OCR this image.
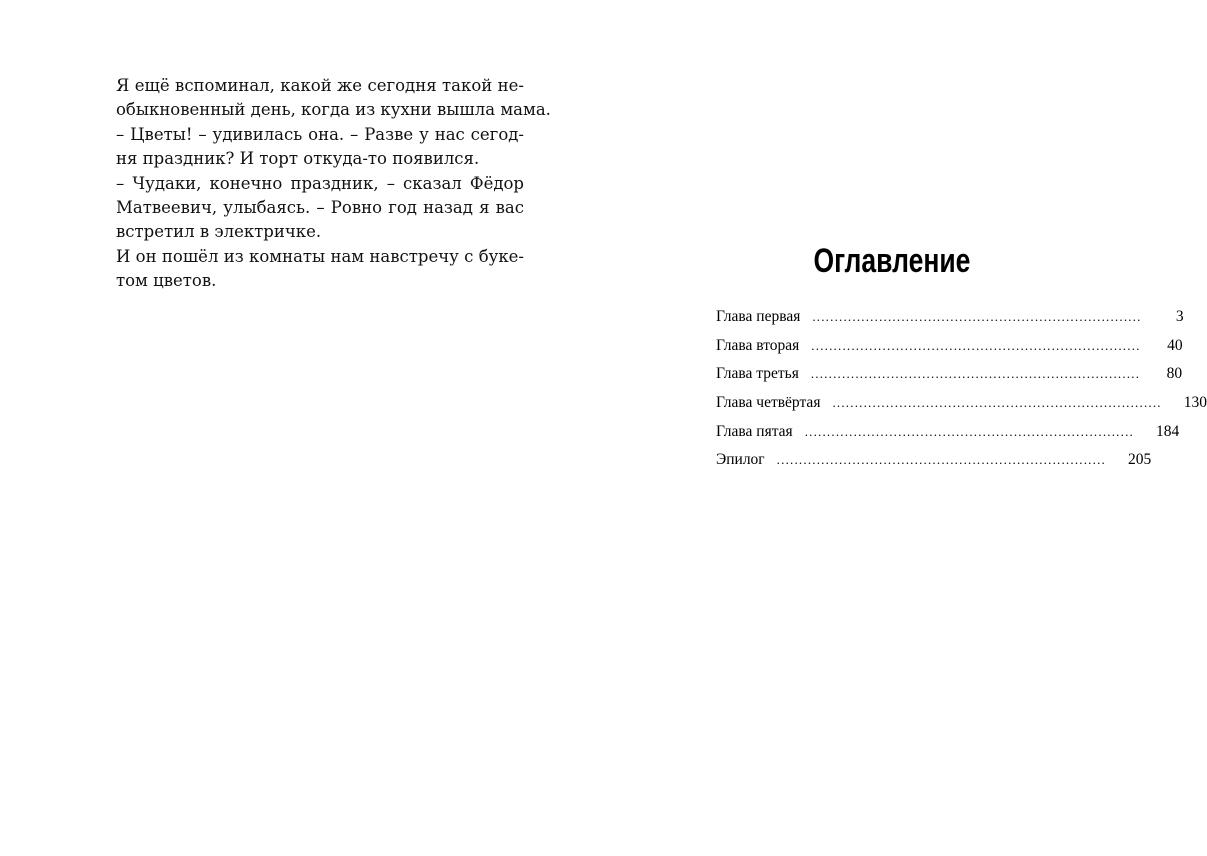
Я ещё вспоминал, какой же сегодня такой не-
обыкновенный день, когда из кухни вышла мама.
– Цветы! – удивилась она. – Разве у нас сегод-
ня праздник? И торт откуда-то появился.
– Чудаки, конечно праздник, – сказал Фёдор
Матвеевич, улыбаясь. – Ровно год назад я вас
встретил в электричке.
И он пошёл из комнаты нам навстречу с буке-
том цветов.
Оглавление
Глава первая ..........................................................................	3
Глава вторая .......................................................................... 40
Глава третья .......................................................................... 80
Глава четвёртая .......................................................................... 130
Глава пятая .......................................................................... 184
Эпилог .......................................................................... 205
